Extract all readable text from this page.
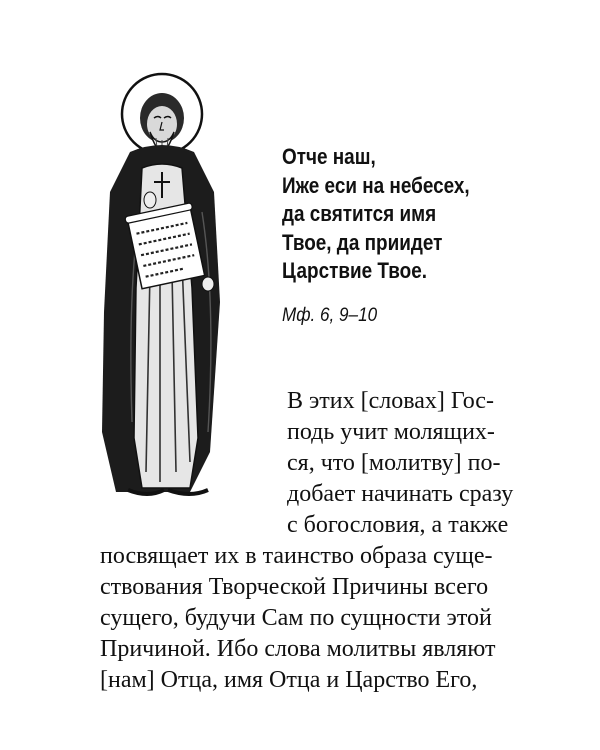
Отче наш,
Иже еси на небесех,
да святится имя
Твое, да приидет
Царствие Твое.
Мф. 6, 9–10
В этих [словах] Гос-
подь учит молящих-
ся, что [молитву] по-
добает начинать сразу
с богословия, а также
посвящает их в таинство образа суще-
ствования Творческой Причины всего
сущего, будучи Сам по сущности этой
Причиной. Ибо слова молитвы являют
[нам] Отца, имя Отца и Царство Его,
